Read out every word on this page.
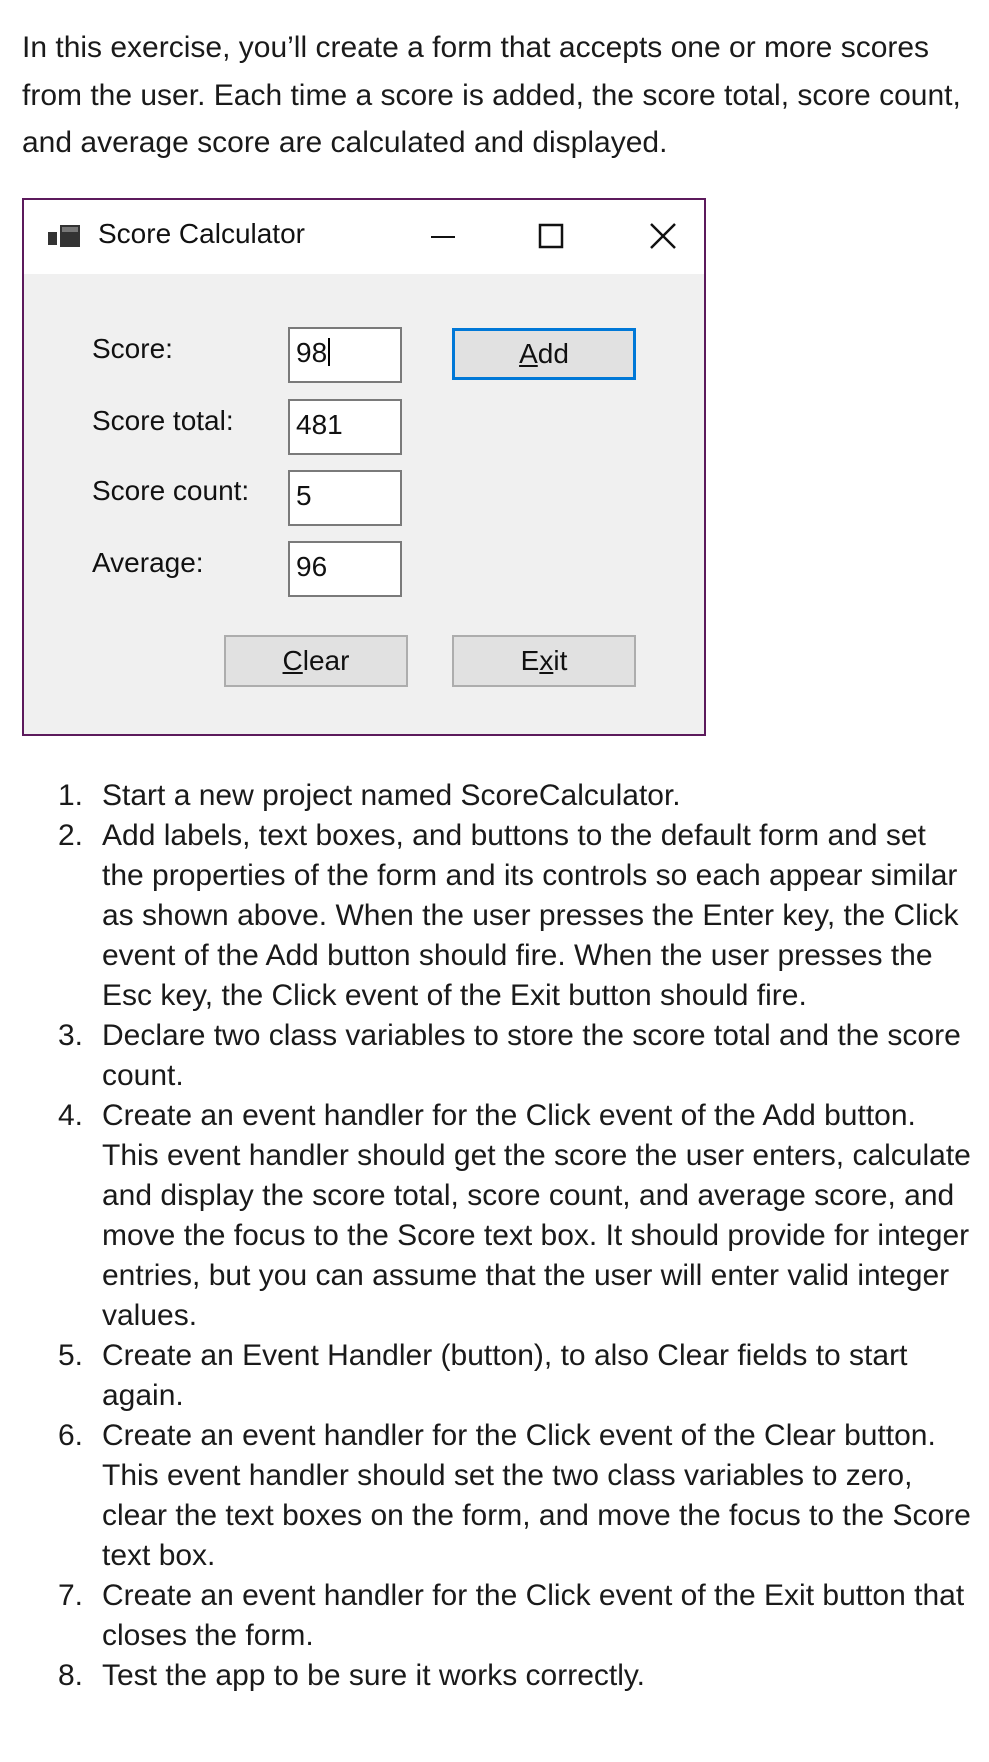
In this exercise, you’ll create a form that accepts one or more scores from the user. Each time a score is added, the score total, score count, and average score are calculated and displayed.

Score Calculator
Score:
Score total:
Score count:
Average:
98
481
5
96
A dd
C lear	E x it
1. Start a new project named ScoreCalculator.
2. Add labels, text boxes, and buttons to the default form and set the properties of the form and its controls so each appear similar as shown above. When the user presses the Enter key, the Click event of the Add button should fire. When the user presses the Esc key, the Click event of the Exit button should fire.
3. Declare two class variables to store the score total and the score count.
4. Create an event handler for the Click event of the Add button. This event handler should get the score the user enters, calculate and display the score total, score count, and average score, and move the focus to the Score text box. It should provide for integer entries, but you can assume that the user will enter valid integer values.
5. Create an Event Handler (button), to also Clear fields to start again.
6. Create an event handler for the Click event of the Clear button. This event handler should set the two class variables to zero, clear the text boxes on the form, and move the focus to the Score text box.
7. Create an event handler for the Click event of the Exit button that closes the form.
8. Test the app to be sure it works correctly.
